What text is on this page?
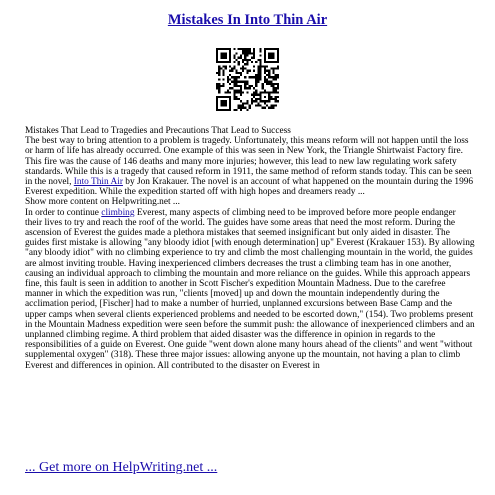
Mistakes In Into Thin Air

Mistakes That Lead to Tragedies and Precautions That Lead to Success
The best way to bring attention to a problem is tragedy. Unfortunately, this means reform will not happen until the loss or harm of life has already occurred. One example of this was seen in New York, the Triangle Shirtwaist Factory fire. This fire was the cause of 146 deaths and many more injuries; however, this lead to new law regulating work safety standards. While this is a tragedy that caused reform in 1911, the same method of reform stands today. This can be seen in the novel, Into Thin Air by Jon Krakauer. The novel is an account of what happened on the mountain during the 1996 Everest expedition. While the expedition started off with high hopes and dreamers ready ...
Show more content on Helpwriting.net ...

In order to continue climbing Everest, many aspects of climbing need to be improved before more people endanger their lives to try and reach the roof of the world. The guides have some areas that need the most reform. During the ascension of Everest the guides made a plethora mistakes that seemed insignificant but only aided in disaster. The guides first mistake is allowing "any bloody idiot [with enough determination] up" Everest (Krakauer 153). By allowing "any bloody idiot" with no climbing experience to try and climb the most challenging mountain in the world, the guides are almost inviting trouble. Having inexperienced climbers decreases the trust a climbing team has in one another, causing an individual approach to climbing the mountain and more reliance on the guides. While this approach appears fine, this fault is seen in addition to another in Scott Fischer's expedition Mountain Madness. Due to the carefree manner in which the expedition was run, "clients [moved] up and down the mountain independently during the acclimation period, [Fischer] had to make a number of hurried, unplanned excursions between Base Camp and the upper camps when several clients experienced problems and needed to be escorted down," (154). Two problems present in the Mountain Madness expedition were seen before the summit push: the allowance of inexperienced climbers and an unplanned climbing regime. A third problem that aided disaster was the difference in opinion in regards to the responsibilities of a guide on Everest. One guide "went down alone many hours ahead of the clients" and went "without supplemental oxygen" (318). These three major issues: allowing anyone up the mountain, not having a plan to climb Everest and differences in opinion. All contributed to the disaster on Everest in

... Get more on HelpWriting.net ...
